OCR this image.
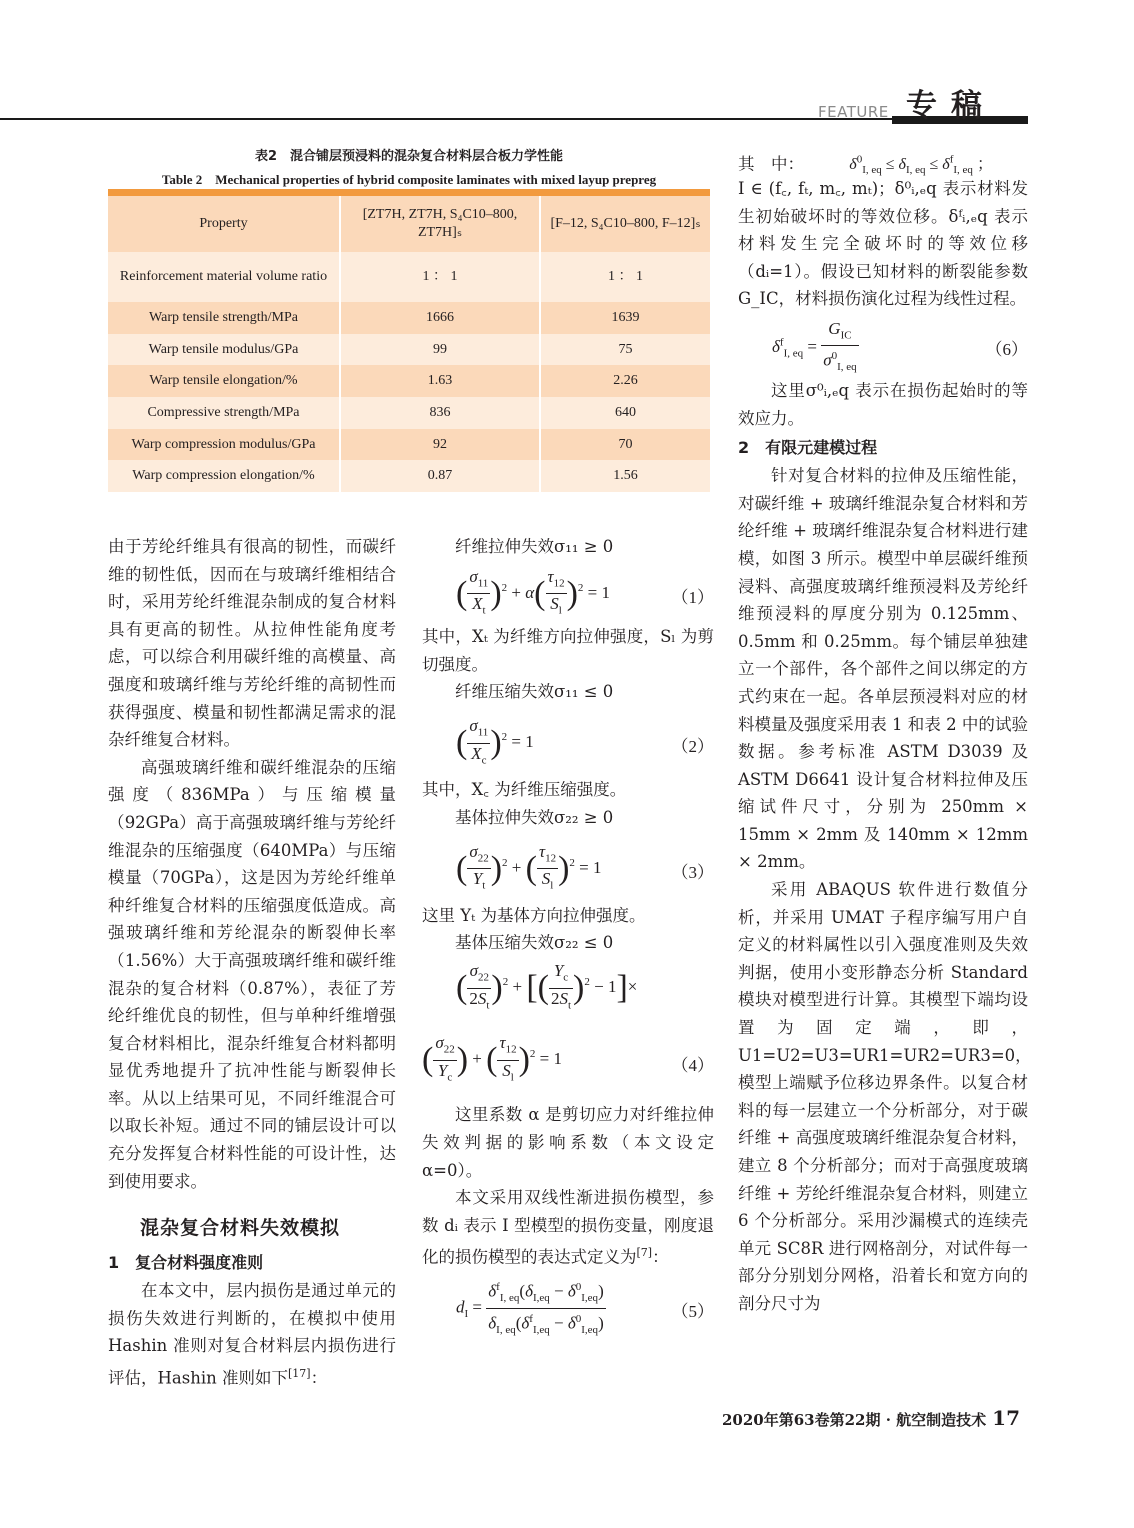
FEATURE 专稿
表2　混合铺层预浸料的混杂复合材料层合板力学性能
Table 2　Mechanical properties of hybrid composite laminates with mixed layup prepreg
Property	[ZT7H, ZT7H, S₄C10–800, ZT7H]ₛ	[F–12, S₄C10–800, F–12]ₛ
Reinforcement material volume ratio	1 ： 1	1 ： 1
Warp tensile strength/MPa	1666	1639
Warp tensile modulus/GPa	99	75
Warp tensile elongation/%	1.63	2.26
Compressive strength/MPa	836	640
Warp compression modulus/GPa	92	70
Warp compression elongation/%	0.87	1.56

由于芳纶纤维具有很高的韧性，而碳纤维的韧性低，因而在与玻璃纤维相结合时，采用芳纶纤维混杂制成的复合材料具有更高的韧性。从拉伸性能角度考虑，可以综合利用碳纤维的高模量、高强度和玻璃纤维与芳纶纤维的高韧性而获得强度、模量和韧性都满足需求的混杂纤维复合材料。

高强玻璃纤维和碳纤维混杂的压缩强度（836MPa）与压缩模量（92GPa）高于高强玻璃纤维与芳纶纤维混杂的压缩强度（640MPa）与压缩模量（70GPa），这是因为芳纶纤维单种纤维复合材料的压缩强度低造成。高强玻璃纤维和芳纶混杂的断裂伸长率（1.56%）大于高强玻璃纤维和碳纤维混杂的复合材料（0.87%），表征了芳纶纤维优良的韧性，但与单种纤维增强复合材料相比，混杂纤维复合材料都明显优秀地提升了抗冲性能与断裂伸长率。从以上结果可见，不同纤维混合可以取长补短。通过不同的铺层设计可以充分发挥复合材料性能的可设计性，达到使用要求。

混杂复合材料失效模拟
1　复合材料强度准则

在本文中，层内损伤是通过单元的损伤失效进行判断的，在模拟中使用 Hashin 准则对复合材料层内损伤进行评估，Hashin 准则如下[17]：

纤维拉伸失效σ₁₁ ≥ 0
( $\frac{\sigma_{11}}{X_t} )^2 + \alpha( \frac{\tau_{12}}{S_l} )^2 = 1$	（1）

其中，Xₜ 为纤维方向拉伸强度，Sₗ 为剪切强度。

纤维压缩失效σ₁₁ ≤ 0
( $\frac{\sigma_{11}}{X_c} )^2 = 1$	（2）

其中，X꜀ 为纤维压缩强度。

基体拉伸失效σ₂₂ ≥ 0
( $\frac{\sigma_{22}}{Y_t} )^2$ + ( $\frac{\tau_{12}}{S_l} )^2 = 1$	（3）

这里 Yₜ 为基体方向拉伸强度。

基体压缩失效σ₂₂ ≤ 0
( $\frac{\sigma_{22}}{2S_t} )^2$ + [( $\frac{Y_c}{2S_t} )^2 - 1]\times$
( $\frac{\sigma_{22}}{Y_c}$ ) + ( $\frac{\tau_{12}}{S_l} )^2 = 1$	（4）

这里系数 α 是剪切应力对纤维拉伸失效判据的影响系数（本文设定 α=0）。

本文采用双线性渐进损伤模型，参数 dᵢ 表示 I 型模型的损伤变量，刚度退化的损伤模型的表达式定义为[7]：

$d_I = \frac{\delta^f_{I, eq}(\delta_{I,eq} - \delta^0_{I,eq})}{\delta_{I, eq}(\delta^f_{I,eq} - \delta^0_{I,eq})}$	（5）
其　中：	$\delta^0_{I, eq} \le \delta_{I, eq} \le \delta^f_{I, eq}$ ；

I ∈ (f꜀, fₜ, m꜀, mₜ)；δ⁰ᵢ,ₑq 表示材料发生初始破坏时的等效位移。δᶠᵢ,ₑq 表示材料发生完全破坏时的等效位移（dᵢ=1）。假设已知材料的断裂能参数 G_IC，材料损伤演化过程为线性过程。

$\delta^f_{I, eq} = \frac{G_{IC}}{\sigma^0_{I, eq}}$	（6）

这里σ⁰ᵢ,ₑq 表示在损伤起始时的等效应力。

2　有限元建模过程

针对复合材料的拉伸及压缩性能，对碳纤维 + 玻璃纤维混杂复合材料和芳纶纤维 + 玻璃纤维混杂复合材料进行建模，如图 3 所示。模型中单层碳纤维预浸料、高强度玻璃纤维预浸料及芳纶纤维预浸料的厚度分别为 0.125mm、0.5mm 和 0.25mm。每个铺层单独建立一个部件，各个部件之间以绑定的方式约束在一起。各单层预浸料对应的材料模量及强度采用表 1 和表 2 中的试验数据。参考标准 ASTM D3039 及 ASTM D6641 设计复合材料拉伸及压缩试件尺寸，分别为 250mm × 15mm × 2mm 及 140mm × 12mm × 2mm。

采用 ABAQUS 软件进行数值分析，并采用 UMAT 子程序编写用户自定义的材料属性以引入强度准则及失效判据，使用小变形静态分析 Standard 模块对模型进行计算。其模型下端均设置为固定端，即，U1=U2=U3=UR1=UR2=UR3=0，模型上端赋予位移边界条件。以复合材料的每一层建立一个分析部分，对于碳纤维 + 高强度玻璃纤维混杂复合材料，建立 8 个分析部分；而对于高强度玻璃纤维 + 芳纶纤维混杂复合材料，则建立 6 个分析部分。采用沙漏模式的连续壳单元 SC8R 进行网格剖分，对试件每一部分分别划分网格，沿着长和宽方向的剖分尺寸为

2020年第63卷第22期 · 航空制造技术 17
